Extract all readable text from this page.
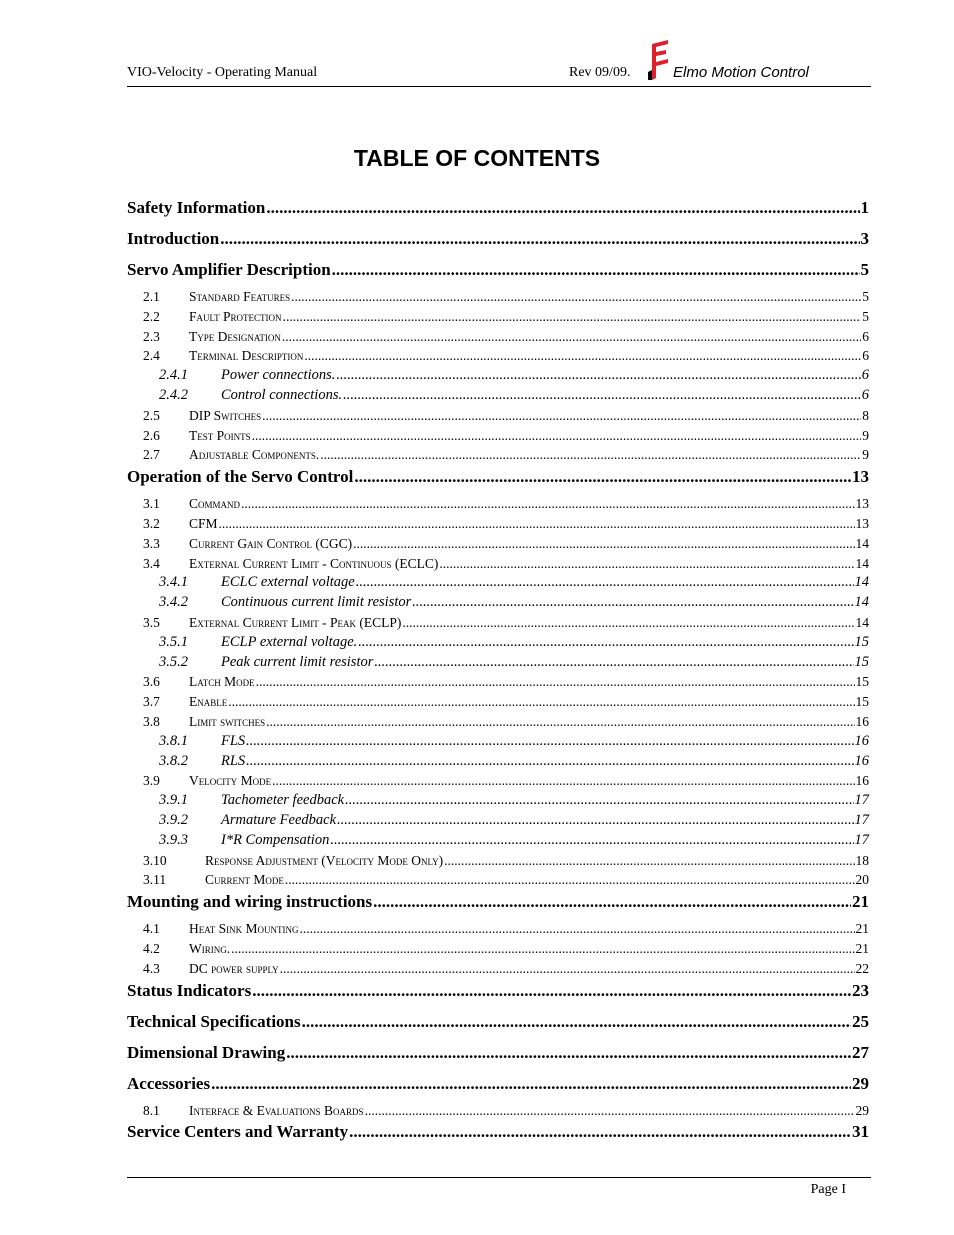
VIO-Velocity - Operating Manual	Rev 09/09.	Elmo Motion Control
TABLE OF CONTENTS
Safety Information .....	1
Introduction .....	3
Servo Amplifier Description .....	5
2.1	Standard Features .....	5
2.2	Fault Protection .....	5
2.3	Type Designation .....	6
2.4	Terminal Description .....	6
2.4.1	Power connections. .....	6
2.4.2	Control connections. .....	6
2.5	DIP Switches .....	8
2.6	Test Points .....	9
2.7	Adjustable Components. .....	9
Operation of the Servo Control .....	13
3.1	Command .....	13
3.2	CFM .....	13
3.3	Current Gain Control (CGC) .....	14
3.4	External Current Limit - Continuous (ECLC) .....	14
3.4.1	ECLC external voltage .....	14
3.4.2	Continuous current limit resistor .....	14
3.5	External Current Limit - Peak (ECLP) .....	14
3.5.1	ECLP external voltage. .....	15
3.5.2	Peak current limit resistor .....	15
3.6	Latch Mode .....	15
3.7	Enable .....	15
3.8	Limit switches .....	16
3.8.1	FLS .....	16
3.8.2	RLS .....	16
3.9	Velocity Mode .....	16
3.9.1	Tachometer feedback .....	17
3.9.2	Armature Feedback .....	17
3.9.3	I*R Compensation .....	17
3.10	Response Adjustment (Velocity Mode Only) .....	18
3.11	Current Mode .....	20
Mounting and wiring instructions .....	21
4.1	Heat Sink Mounting .....	21
4.2	Wiring. .....	21
4.3	DC power supply .....	22
Status Indicators .....	23
Technical Specifications .....	25
Dimensional Drawing .....	27
Accessories .....	29
8.1	Interface & Evaluations Boards .....	29
Service Centers and Warranty .....	31
Page I
